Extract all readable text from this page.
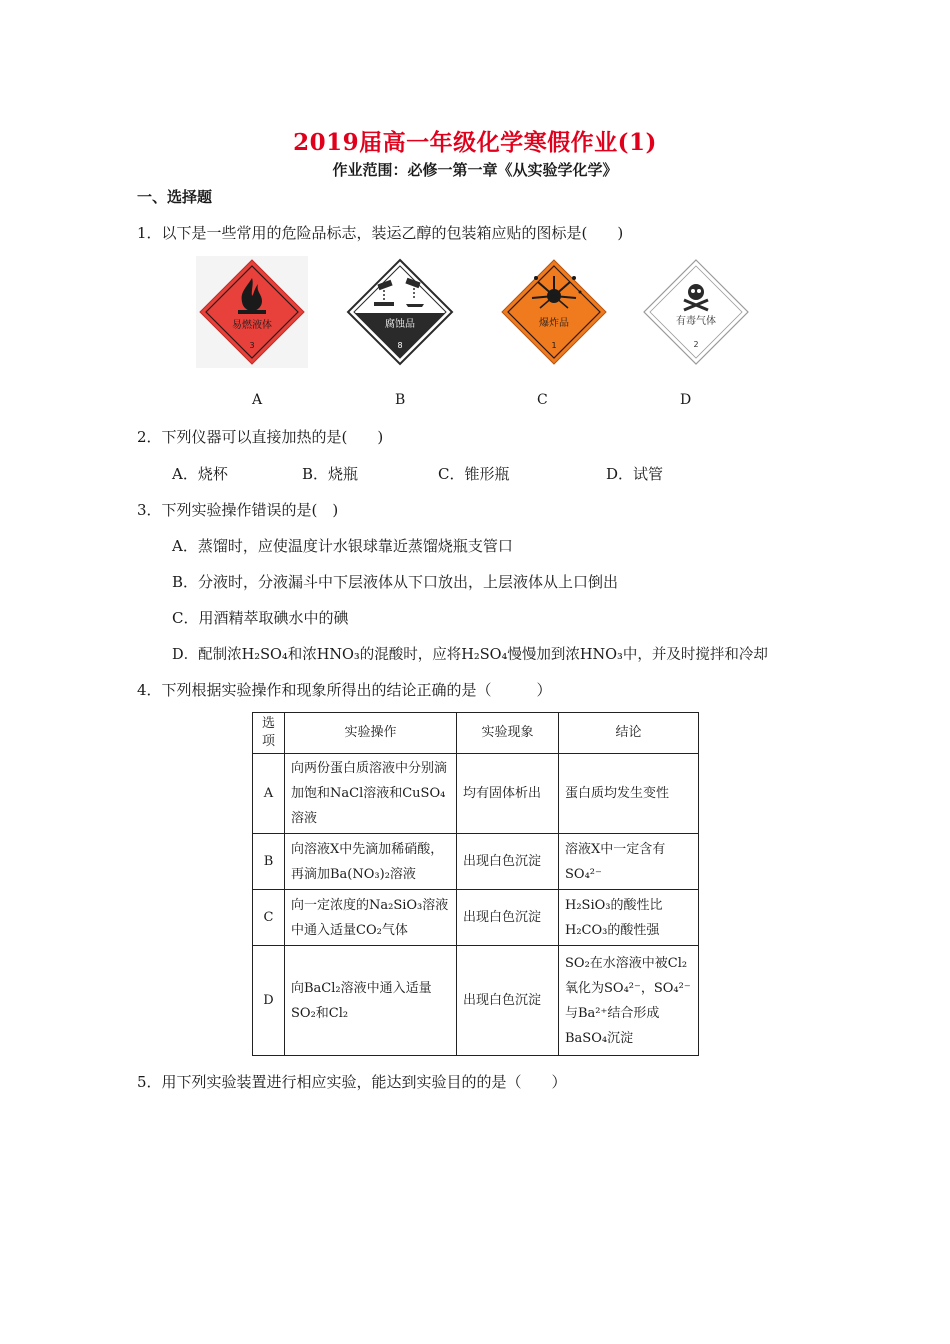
2019届高一年级化学寒假作业(1)
作业范围：必修一第一章《从实验学化学》
一、选择题
1．以下是一些常用的危险品标志，装运乙醇的包装箱应贴的图标是(　　)
易燃液体
3
A
腐蚀品
8
B
爆炸品
1
C
有毒气体
2
D
2．下列仪器可以直接加热的是(　　)
A．烧杯	B．烧瓶	C．锥形瓶	D．试管
3．下列实验操作错误的是(　)
A．蒸馏时，应使温度计水银球靠近蒸馏烧瓶支管口
B．分液时，分液漏斗中下层液体从下口放出，上层液体从上口倒出
C．用酒精萃取碘水中的碘
D．配制浓H₂SO₄和浓HNO₃的混酸时，应将H₂SO₄慢慢加到浓HNO₃中，并及时搅拌和冷却
4．下列根据实验操作和现象所得出的结论正确的是（　　　）
选项	实验操作	实验现象	结论
A	向两份蛋白质溶液中分别滴加饱和NaCl溶液和CuSO₄溶液	均有固体析出	蛋白质均发生变性
B	向溶液X中先滴加稀硝酸，再滴加Ba(NO₃)₂溶液	出现白色沉淀	溶液X中一定含有SO₄²⁻
C	向一定浓度的Na₂SiO₃溶液中通入适量CO₂气体	出现白色沉淀	H₂SiO₃的酸性比H₂CO₃的酸性强
D	向BaCl₂溶液中通入适量SO₂和Cl₂	出现白色沉淀	SO₂在水溶液中被Cl₂氧化为SO₄²⁻，SO₄²⁻与Ba²⁺结合形成BaSO₄沉淀
5．用下列实验装置进行相应实验，能达到实验目的的是（　　）
